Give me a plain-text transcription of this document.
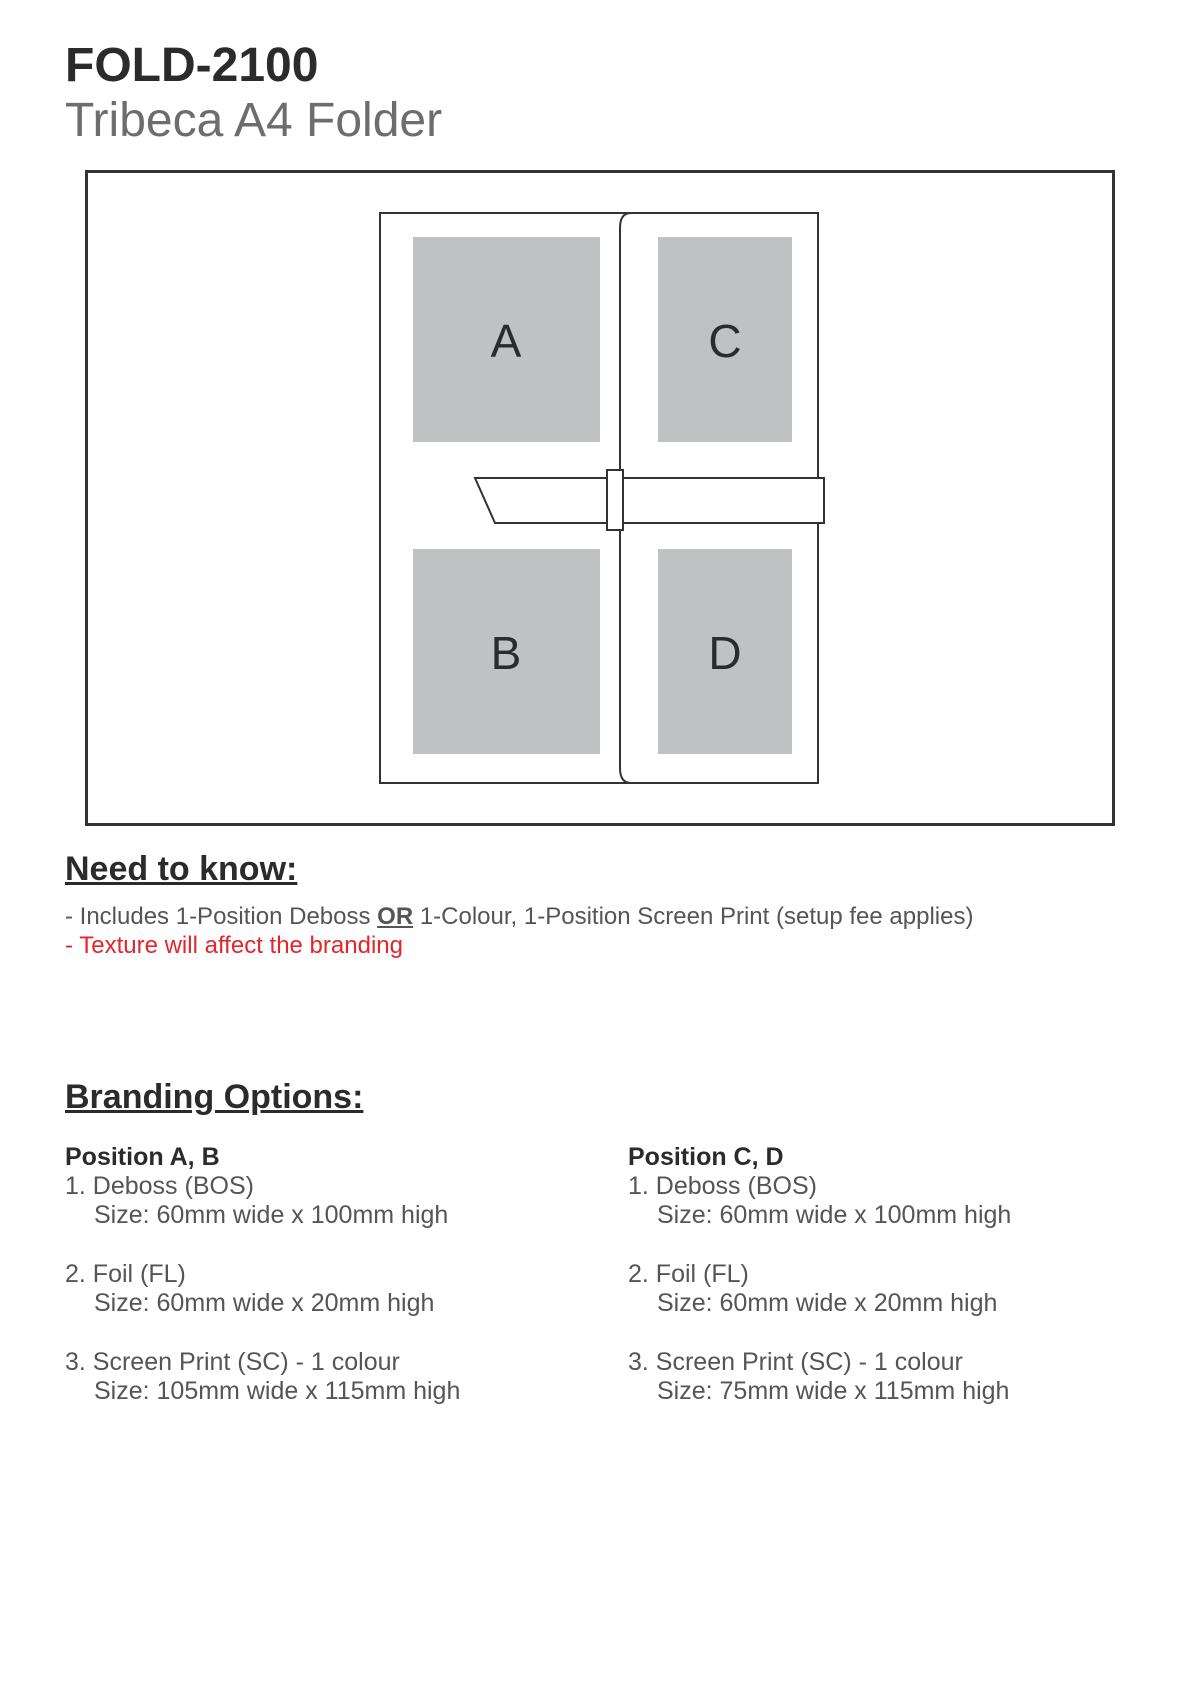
FOLD-2100
Tribeca A4 Folder
A	C
B	D
Need to know:
- Includes 1-Position Deboss OR 1-Colour, 1-Position Screen Print (setup fee applies)
- Texture will affect the branding
Branding Options:
Position A, B
1. Deboss (BOS)
Size: 60mm wide x 100mm high
2. Foil (FL)
Size: 60mm wide x 20mm high
3. Screen Print (SC) - 1 colour
Size: 105mm wide x 115mm high
Position C, D
1. Deboss (BOS)
Size: 60mm wide x 100mm high
2. Foil (FL)
Size: 60mm wide x 20mm high
3. Screen Print (SC) - 1 colour
Size: 75mm wide x 115mm high
